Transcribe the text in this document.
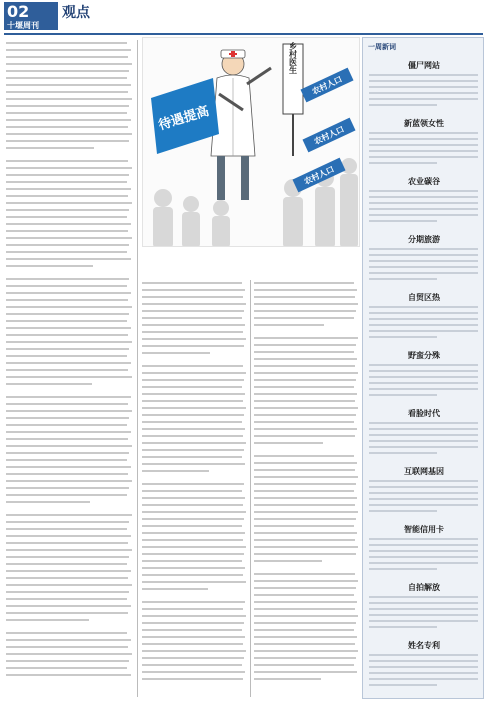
02
十堰周刊
观点
待遇提高
乡村医生
农村人口
农村人口
农村人口
一周新词
僵尸网站
新蓝领女性
农业碳谷
分期旅游
自贸区热
野蛮分殊
看脸时代
互联网基因
智能信用卡
自拍解放
姓名专利
